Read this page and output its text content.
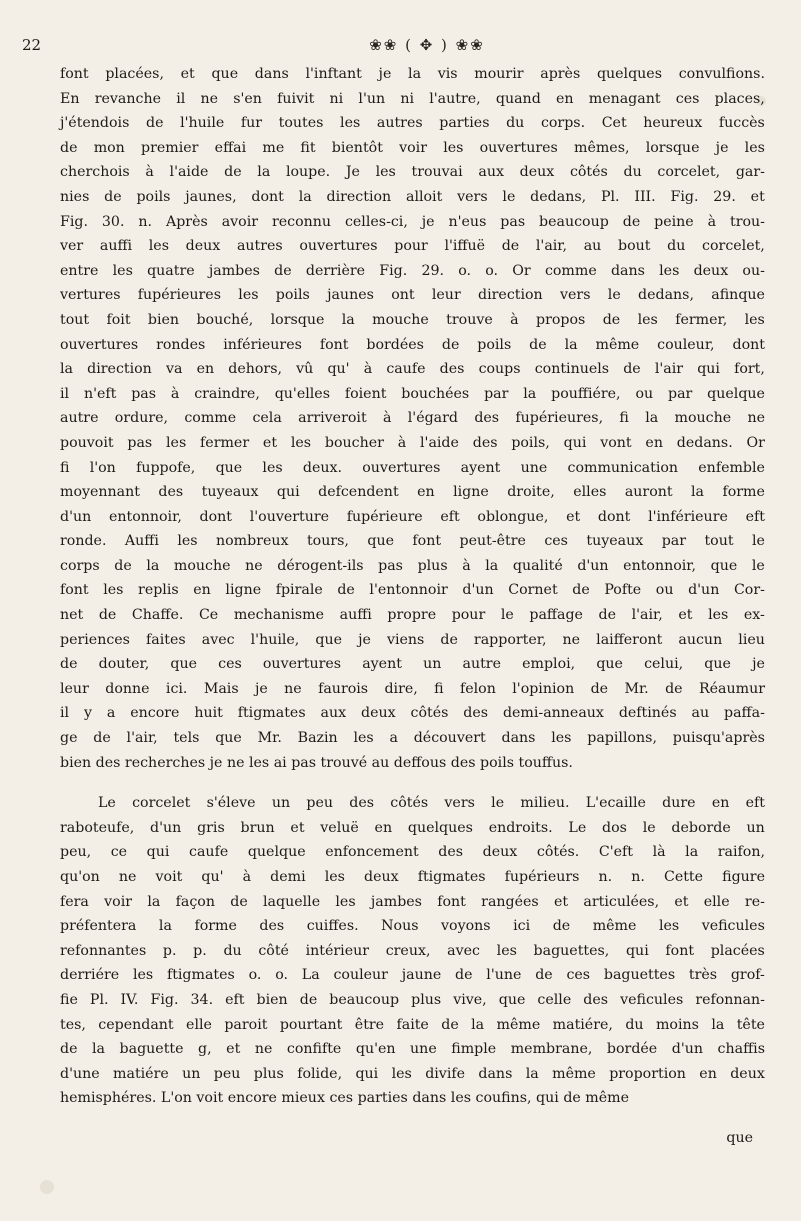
22	❀❀ ( ✥ ) ❀❀
font placées, et que dans l'inftant je la vis mourir après quelques convulfions.
En revanche il ne s'en fuivit ni l'un ni l'autre, quand en menagant ces places,
j'étendois de l'huile fur toutes les autres parties du corps. Cet heureux fuccès
de mon premier effai me fit bientôt voir les ouvertures mêmes, lorsque je les
cherchois à l'aide de la loupe. Je les trouvai aux deux côtés du corcelet, gar-
nies de poils jaunes, dont la direction alloit vers le dedans, Pl. III. Fig. 29. et
Fig. 30. n. Après avoir reconnu celles-ci, je n'eus pas beaucoup de peine à trou-
ver auffi les deux autres ouvertures pour l'iffuë de l'air, au bout du corcelet,
entre les quatre jambes de derrière Fig. 29. o. o. Or comme dans les deux ou-
vertures fupérieures les poils jaunes ont leur direction vers le dedans, afinque
tout foit bien bouché, lorsque la mouche trouve à propos de les fermer, les
ouvertures rondes inférieures font bordées de poils de la même couleur, dont
la direction va en dehors, vû qu' à caufe des coups continuels de l'air qui fort,
il n'eft pas à craindre, qu'elles foient bouchées par la pouffiére, ou par quelque
autre ordure, comme cela arriveroit à l'égard des fupérieures, fi la mouche ne
pouvoit pas les fermer et les boucher à l'aide des poils, qui vont en dedans. Or
fi l'on fuppofe, que les deux. ouvertures ayent une communication enfemble
moyennant des tuyeaux qui defcendent en ligne droite, elles auront la forme
d'un entonnoir, dont l'ouverture fupérieure eft oblongue, et dont l'inférieure eft
ronde. Auffi les nombreux tours, que font peut-être ces tuyeaux par tout le
corps de la mouche ne dérogent-ils pas plus à la qualité d'un entonnoir, que le
font les replis en ligne fpirale de l'entonnoir d'un Cornet de Pofte ou d'un Cor-
net de Chaffe. Ce mechanisme auffi propre pour le paffage de l'air, et les ex-
periences faites avec l'huile, que je viens de rapporter, ne laifferont aucun lieu
de douter, que ces ouvertures ayent un autre emploi, que celui, que je
leur donne ici. Mais je ne faurois dire, fi felon l'opinion de Mr. de Réaumur
il y a encore huit ftigmates aux deux côtés des demi-anneaux deftinés au paffa-
ge de l'air, tels que Mr. Bazin les a découvert dans les papillons, puisqu'après
bien des recherches je ne les ai pas trouvé au deffous des poils touffus.
Le corcelet s'éleve un peu des côtés vers le milieu. L'ecaille dure en eft
raboteufe, d'un gris brun et veluë en quelques endroits. Le dos le deborde un
peu, ce qui caufe quelque enfoncement des deux côtés. C'eft là la raifon,
qu'on ne voit qu' à demi les deux ftigmates fupérieurs n. n. Cette figure
fera voir la façon de laquelle les jambes font rangées et articulées, et elle re-
préfentera la forme des cuiffes. Nous voyons ici de même les veficules
refonnantes p. p. du côté intérieur creux, avec les baguettes, qui font placées
derriére les ftigmates o. o. La couleur jaune de l'une de ces baguettes très grof-
fie Pl. IV. Fig. 34. eft bien de beaucoup plus vive, que celle des veficules refonnan-
tes, cependant elle paroit pourtant être faite de la même matiére, du moins la tête
de la baguette g, et ne confifte qu'en une fimple membrane, bordée d'un chaffis
d'une matiére un peu plus folide, qui les divife dans la même proportion en deux
hemisphéres. L'on voit encore mieux ces parties dans les coufins, qui de même
que
